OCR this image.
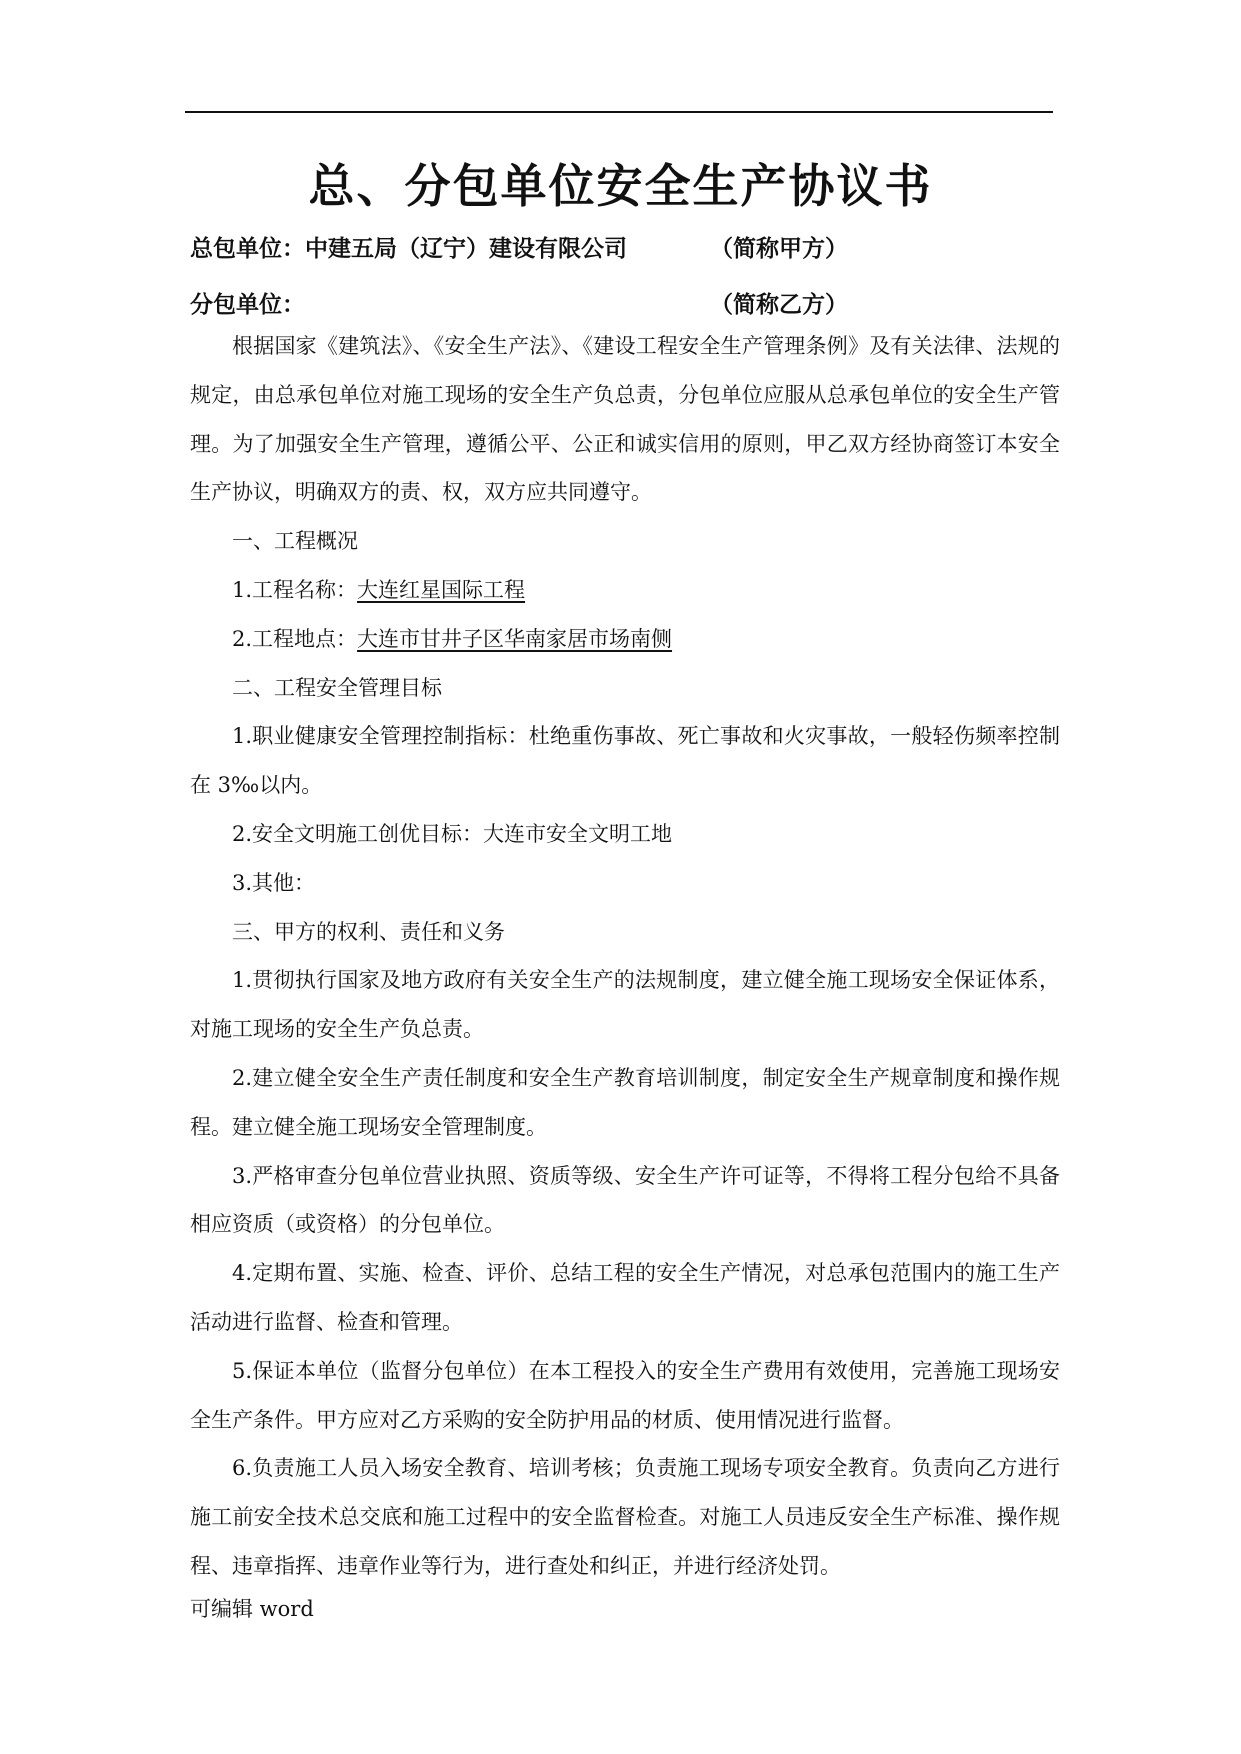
总、分包单位安全生产协议书
总包单位：中建五局（辽宁）建设有限公司	（简称甲方）
分包单位：	（简称乙方）

根据国家《建筑法》、《安全生产法》、《建设工程安全生产管理条例》及有关法律、法规的规定，由总承包单位对施工现场的安全生产负总责，分包单位应服从总承包单位的安全生产管理。为了加强安全生产管理，遵循公平、公正和诚实信用的原则，甲乙双方经协商签订本安全生产协议，明确双方的责、权，双方应共同遵守。

一、工程概况

1.工程名称：大连红星国际工程

2.工程地点：大连市甘井子区华南家居市场南侧

二、工程安全管理目标

1.职业健康安全管理控制指标：杜绝重伤事故、死亡事故和火灾事故，一般轻伤频率控制在 3‰以内。

2.安全文明施工创优目标：大连市安全文明工地

3.其他：

三、甲方的权利、责任和义务

1.贯彻执行国家及地方政府有关安全生产的法规制度，建立健全施工现场安全保证体系，对施工现场的安全生产负总责。

2.建立健全安全生产责任制度和安全生产教育培训制度，制定安全生产规章制度和操作规程。建立健全施工现场安全管理制度。

3.严格审查分包单位营业执照、资质等级、安全生产许可证等，不得将工程分包给不具备相应资质（或资格）的分包单位。

4.定期布置、实施、检查、评价、总结工程的安全生产情况，对总承包范围内的施工生产活动进行监督、检查和管理。

5.保证本单位（监督分包单位）在本工程投入的安全生产费用有效使用，完善施工现场安全生产条件。甲方应对乙方采购的安全防护用品的材质、使用情况进行监督。

6.负责施工人员入场安全教育、培训考核；负责施工现场专项安全教育。负责向乙方进行施工前安全技术总交底和施工过程中的安全监督检查。对施工人员违反安全生产标准、操作规程、违章指挥、违章作业等行为，进行查处和纠正，并进行经济处罚。

可编辑 word
